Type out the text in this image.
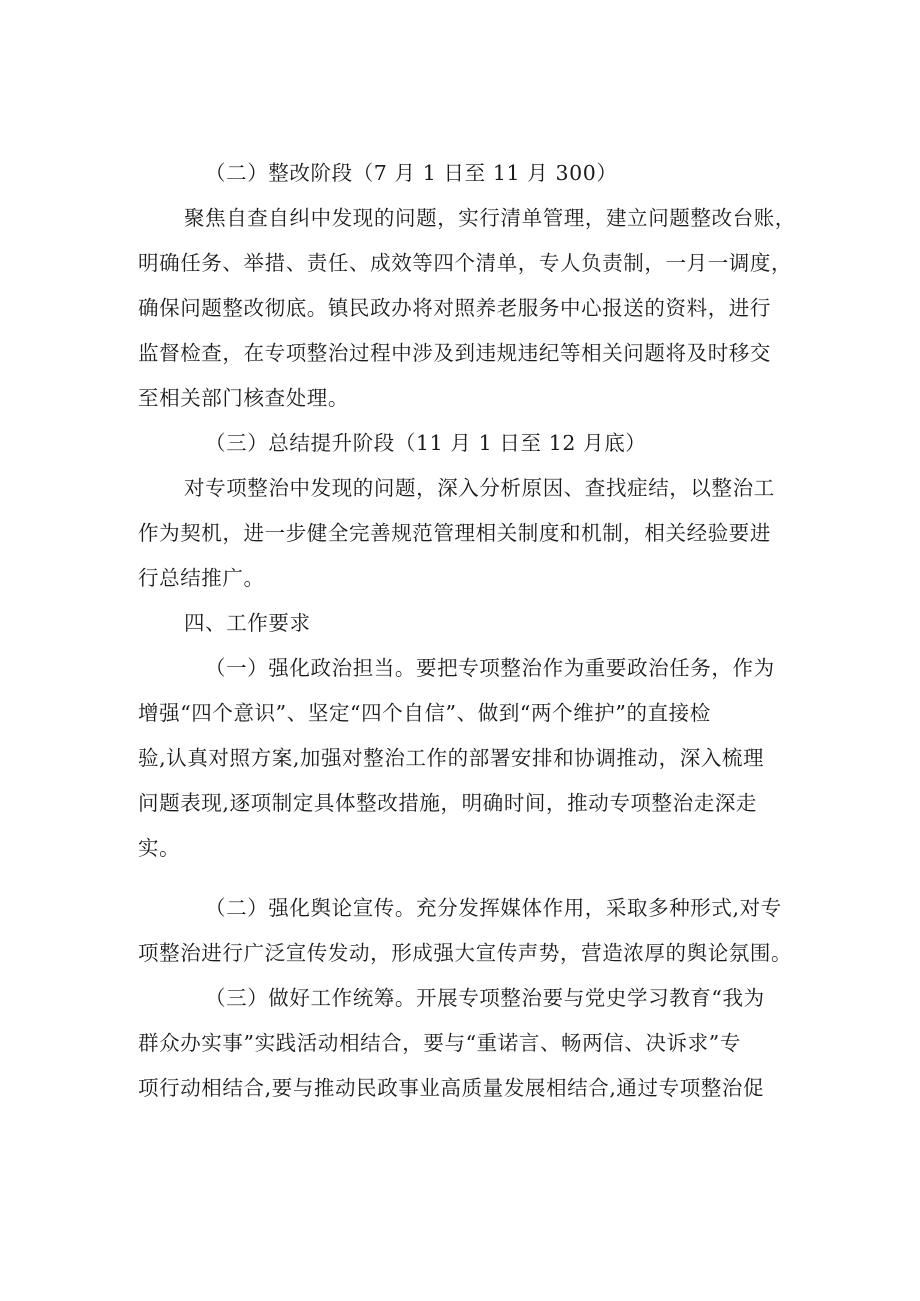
（二）整改阶段（7 月 1 日至 11 月 300）
聚焦自查自纠中发现的问题，实行清单管理，建立问题整改台账，
明确任务、举措、责任、成效等四个清单，专人负责制，一月一调度，
确保问题整改彻底。镇民政办将对照养老服务中心报送的资料，进行
监督检查，在专项整治过程中涉及到违规违纪等相关问题将及时移交
至相关部门核查处理。
（三）总结提升阶段（11 月 1 日至 12 月底）
对专项整治中发现的问题，深入分析原因、查找症结，以整治工
作为契机，进一步健全完善规范管理相关制度和机制，相关经验要进
行总结推广。
四、工作要求
（一）强化政治担当。要把专项整治作为重要政治任务，作为
增强“四个意识”、坚定“四个自信”、做到“两个维护”的直接检
验,认真对照方案,加强对整治工作的部署安排和协调推动，深入梳理
问题表现,逐项制定具体整改措施，明确时间，推动专项整治走深走
实。
（二）强化舆论宣传。充分发挥媒体作用，采取多种形式,对专
项整治进行广泛宣传发动，形成强大宣传声势，营造浓厚的舆论氛围。
（三）做好工作统筹。开展专项整治要与党史学习教育“我为
群众办实事”实践活动相结合，要与“重诺言、畅两信、决诉求”专
项行动相结合,要与推动民政事业高质量发展相结合,通过专项整治促
